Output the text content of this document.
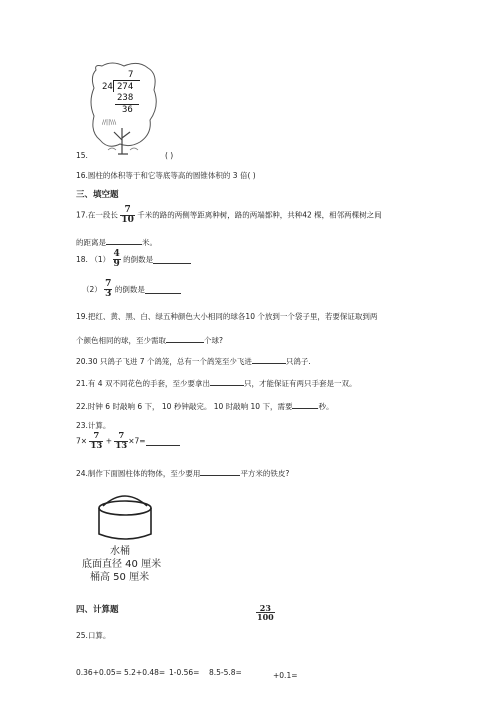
//||\\\
7
24 274
238
36
15.	( )
16.圆柱的体积等于和它等底等高的圆锥体积的 3 倍( )
三、填空题
17.在一段长 $\frac{7}{10}$ 千米的路的两侧等距离种树，路的两端都种，共种42 棵，相邻两棵树之间
的距离是	米。
18. $(1) \frac{4}{9}$ 的倒数是
$(2) \frac{7}{3}$ 的倒数是
19.把红、黄、黑、白、绿五种颜色大小相同的球各10 个放到一个袋子里，若要保证取到两
个颜色相同的球，至少需取	个球?
20.30 只鸽子飞进 7 个鸽笼，总有一个鸽笼至少飞进	只鸽子.
21.有 4 双不同花色的手套，至少要拿出	只，才能保证有两只手套是一双。
22.时钟 6 时敲响 6 下， 10 秒钟敲完。 10 时敲响 10 下，需要	秒。
23.计算。
$7\times \frac{7}{13} + \frac{7}{13} \times 7=$
24.制作下面圆柱体的物体，至少要用	平方米的铁皮?
水桶
底面直径 40 厘米
桶高 50 厘米
四、计算题	$\frac{23}{100}$
25.口算。
0.36+0.05= 5.2+0.48= 1-0.56= 8.5-5.8=	+0.1=
